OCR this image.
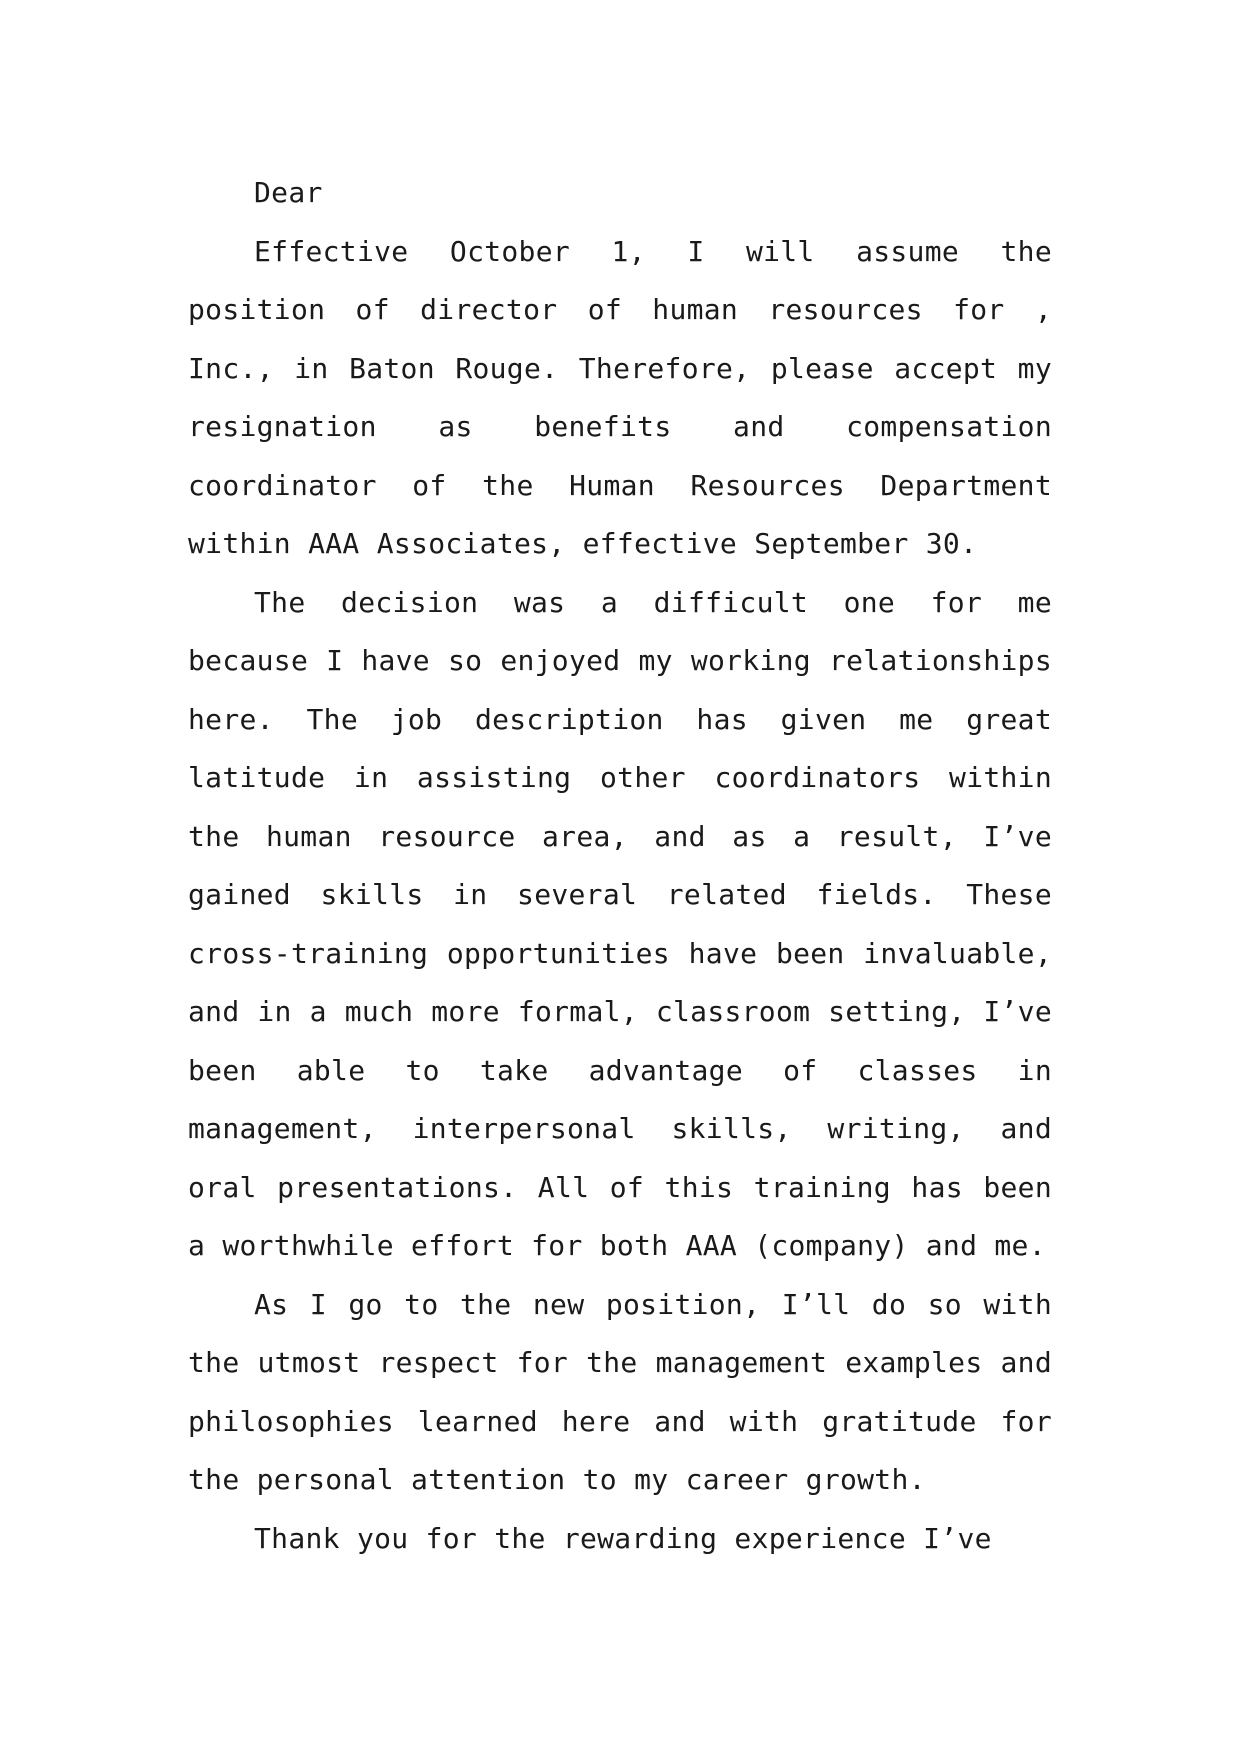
Dear

Effective October 1, I will assume the position of director of human resources for , Inc., in Baton Rouge. Therefore, please accept my resignation as benefits and compensation coordinator of the Human Resources Department within AAA Associates, effective September 30.

The decision was a difficult one for me because I have so enjoyed my working relationships here. The job description has given me great latitude in assisting other coordinators within the human resource area, and as a result, I’ve gained skills in several related fields. These cross-training opportunities have been invaluable, and in a much more formal, classroom setting, I’ve been able to take advantage of classes in management, interpersonal skills, writing, and oral presentations. All of this training has been a worthwhile effort for both AAA (company) and me.

As I go to the new position, I’ll do so with the utmost respect for the management examples and philosophies learned here and with gratitude for the personal attention to my career growth.

Thank you for the rewarding experience I’ve
